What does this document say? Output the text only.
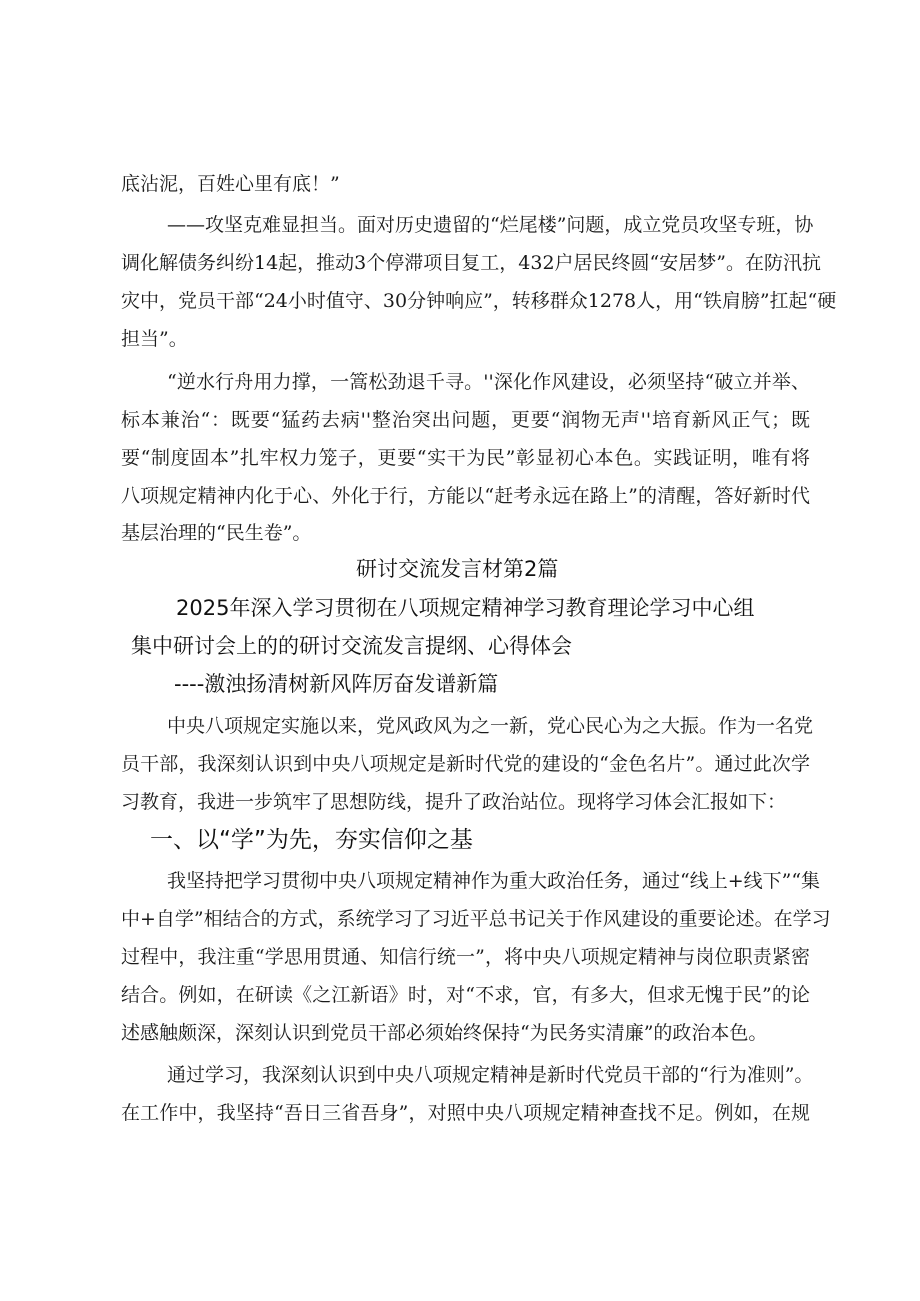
底沾泥，百姓心里有底！”
——攻坚克难显担当。面对历史遗留的“烂尾楼”问题，成立党员攻坚专班，协
调化解债务纠纷14起，推动3个停滞项目复工，432户居民终圆“安居梦”。在防汛抗
灾中，党员干部“24小时值守、30分钟响应”，转移群众1278人，用“铁肩膀”扛起“硬
担当”。
“逆水行舟用力撑，一篙松劲退千寻。''深化作风建设，必须坚持“破立并举、
标本兼治“：既要“猛药去病''整治突出问题，更要“润物无声''培育新风正气；既
要“制度固本”扎牢权力笼子，更要“实干为民”彰显初心本色。实践证明，唯有将
八项规定精神内化于心、外化于行，方能以“赶考永远在路上”的清醒，答好新时代
基层治理的“民生卷”。
研讨交流发言材第2篇
2025年深入学习贯彻在八项规定精神学习教育理论学习中心组
集中研讨会上的的研讨交流发言提纲、心得体会
----激浊扬清树新风阵厉奋发谱新篇
中央八项规定实施以来，党风政风为之一新，党心民心为之大振。作为一名党
员干部，我深刻认识到中央八项规定是新时代党的建设的“金色名片”。通过此次学
习教育，我进一步筑牢了思想防线，提升了政治站位。现将学习体会汇报如下：
一、以“学”为先，夯实信仰之基
我坚持把学习贯彻中央八项规定精神作为重大政治任务，通过“线上+线下”“集
中+自学”相结合的方式，系统学习了习近平总书记关于作风建设的重要论述。在学习
过程中，我注重“学思用贯通、知信行统一”，将中央八项规定精神与岗位职责紧密
结合。例如，在研读《之江新语》时，对“不求，官，有多大，但求无愧于民”的论
述感触颇深，深刻认识到党员干部必须始终保持“为民务实清廉”的政治本色。
通过学习，我深刻认识到中央八项规定精神是新时代党员干部的“行为准则”。
在工作中，我坚持“吾日三省吾身”，对照中央八项规定精神查找不足。例如，在规
